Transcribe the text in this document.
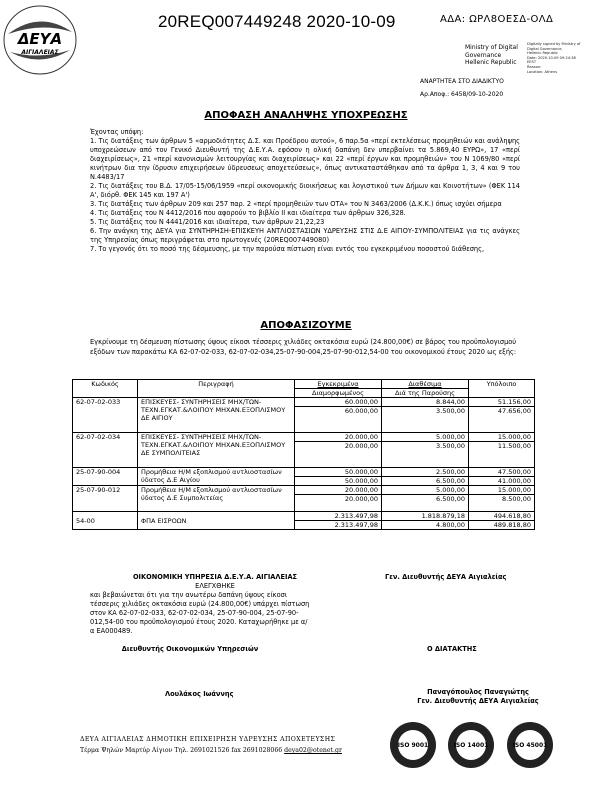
ΔΕΥΑ
ΑΙΓΙΑΛΕΙΑΣ
20REQ007449248 2020-10-09	ΑΔΑ: ΩΡΛ8ΟΕΣΔ-ΟΛΔ
Ministry of Digital
Governance
Hellenic Republic
Digitally signed by Ministry of
Digital Governance,
Hellenic Republic
Date: 2020.10.09 09:24:38
EEST
Reason:
Location: Athens
ΑΝΑΡΤΗΤΕΑ ΣΤΟ ΔΙΑΔΙΚΤΥΟ
Αρ.Αποφ.: 6458/09-10-2020
ΑΠΟΦΑΣΗ ΑΝΑΛΗΨΗΣ ΥΠΟΧΡΕΩΣΗΣ

Έχοντας υπόψη:

1. Τις διατάξεις των άρθρων 5 «αρμοδιότητες Δ.Σ. και Προέδρου αυτού», 6 παρ.5α «περί εκτελέσεως προμηθειών και ανάληψης υποχρεώσεων από τον Γενικό Διευθυντή της Δ.Ε.Υ.Α. εφόσον η ολική δαπάνη δεν υπερβαίνει τα 5.869,40 ΕΥΡΩ», 17 «περί διαχειρίσεως», 21 «περί κανονισμών λειτουργίας και διαχειρίσεως» και 22 «περί έργων και προμηθειών» του Ν 1069/80 «περί κινήτρων δια την ίδρυσιν επιχειρήσεων ύδρευσεως αποχετεύσεως», όπως αντικαταστάθηκαν από τα άρθρα 1, 3, 4 και 9 του Ν.4483/17

2. Τις διατάξεις του Β.Δ. 17/05-15/06/1959 «περί οικονομικής διοικήσεως και λογιστικού των Δήμων και Κοινοτήτων» (ΦΕΚ 114 Α', διόρθ. ΦΕΚ 145 και 197 Α')

3. Τις διατάξεις των άρθρων 209 και 257 παρ. 2 «περί προμηθειών των ΟΤΑ» του Ν 3463/2006 (Δ.Κ.Κ.) όπως ισχύει σήμερα

4. Τις διατάξεις του Ν 4412/2016 που αφορούν το βιβλίο ΙΙ και ιδιαίτερα των άρθρων 326,328.

5. Τις διατάξεις του Ν 4441/2016 και ιδιαίτερα, των άρθρων 21,22,23

6. Την ανάγκη της ΔΕΥΑ για ΣΥΝΤΗΡΗΣΗ-ΕΠΙΣΚΕΥΗ ΑΝΤΛΙΟΣΤΑΣΙΩΝ ΥΔΡΕΥΣΗΣ ΣΤΙΣ Δ.Ε ΑΙΓΙΟΥ-ΣΥΜΠΟΛΙΤΕΙΑΣ για τις ανάγκες της Υπηρεσίας όπως περιγράφεται στο πρωτογενές (20REQ007449080)

7. Το γεγονός ότι το ποσό της δέσμευσης, με την παρούσα πίστωση είναι εντός του εγκεκριμένου ποσοστού διάθεσης,

ΑΠΟΦΑΣΙΖΟΥΜΕ
Εγκρίνουμε τη δέσμευση πίστωσης ύψους είκοσι τέσσερις χιλιάδες οκτακόσια ευρώ (24.800,00€) σε βάρος του προϋπολογισμού εξόδων των παρακάτω ΚΑ 62-07-02-033, 62-07-02-034,25-07-90-004,25-07-90-012,54-00 του οικονομικού έτους 2020 ως εξής:
Κωδικός	Περιγραφή	Εγκεκριμένα	Διαθέσιμα	Υπόλοιπο
		Διαμορφωμένος	Διά της Παρούσης	
62-07-02-033	ΕΠΙΣΚΕΥΕΣ- ΣΥΝΤΗΡΗΣΕΙΣ ΜΗΧ/ΤΩΝ-ΤΕΧΝ.ΕΓΚΑΤ.&ΛΟΙΠΟΥ ΜΗΧΑΝ.ΕΞΟΠΛΙΣΜΟΥ ΔΕ ΑΙΓΙΟΥ	60.000,00	8.844,00	51.156,00
		60.000,00	3.500,00	47.656,00
62-07-02-034	ΕΠΙΣΚΕΥΕΣ- ΣΥΝΤΗΡΗΣΕΙΣ ΜΗΧ/ΤΩΝ-ΤΕΧΝ.ΕΓΚΑΤ.&ΛΟΙΠΟΥ ΜΗΧΑΝ.ΕΞΟΠΛΙΣΜΟΥ ΔΕ ΣΥΜΠΟΛΙΤΕΙΑΣ	20.000,00	5.000,00	15.000,00
		20.000,00	3.500,00	11.500,00
25-07-90-004	Προμήθεια Η/Μ εξοπλισμού αντλιοστασίων ύδατος Δ.Ε Αιγίου	50.000,00	2.500,00	47.500,00
		50.000,00	6.500,00	41.000,00
25-07-90-012	Προμήθεια Η/Μ εξοπλισμού αντλιοστασίων ύδατος Δ.Ε Συμπολιτείας	20.000,00	5.000,00	15.000,00
		20.000,00	6.500,00	8.500,00
54-00	ΦΠΑ ΕΙΣΡΟΩΝ	2.313.497,98	1.818.879,18	494.618,80
		2.313.497,98	4.800,00	489.818,80
ΟΙΚΟΝΟΜΙΚΗ ΥΠΗΡΕΣΙΑ Δ.Ε.Υ.Α. ΑΙΓΙΑΛΕΙΑΣ
ΕΛΕΓΧΘΗΚΕ
και βεβαιώνεται ότι για την ανωτέρω δαπάνη ύψους είκοσι τέσσερις χιλιάδες οκτακόσια ευρώ (24.800,00€) υπάρχει πίστωση στον ΚΑ 62-07-02-033, 62-07-02-034, 25-07-90-004, 25-07-90-012,54-00 του προϋπολογισμού έτους 2020. Καταχωρήθηκε με α/α ΕΑ000489.
Διευθυντής Οικονομικών Υπηρεσιών
Λουλάκος Ιωάννης
Γεν. Διευθυντής ΔΕΥΑ Αιγιαλείας
Ο ΔΙΑΤΑΚΤΗΣ
Παναγόπουλος Παναγιώτης
Γεν. Διευθυντής ΔΕΥΑ Αιγιαλείας
ΔΕΥΑ ΑΙΓΙΑΛΕΙΑΣ ΔΗΜΟΤΙΚΗ ΕΠΙΧΕΙΡΗΣΗ ΥΔΡΕΥΣΗΣ ΑΠΟΧΕΤΕΥΣΗΣ
Τέρμα Ψηλών Μαρτύρ Αίγιον Τηλ. 2691021526 fax 2691028066 deya02@otenet.gr
ISO 9001	ISO 14001	ISO 45001
